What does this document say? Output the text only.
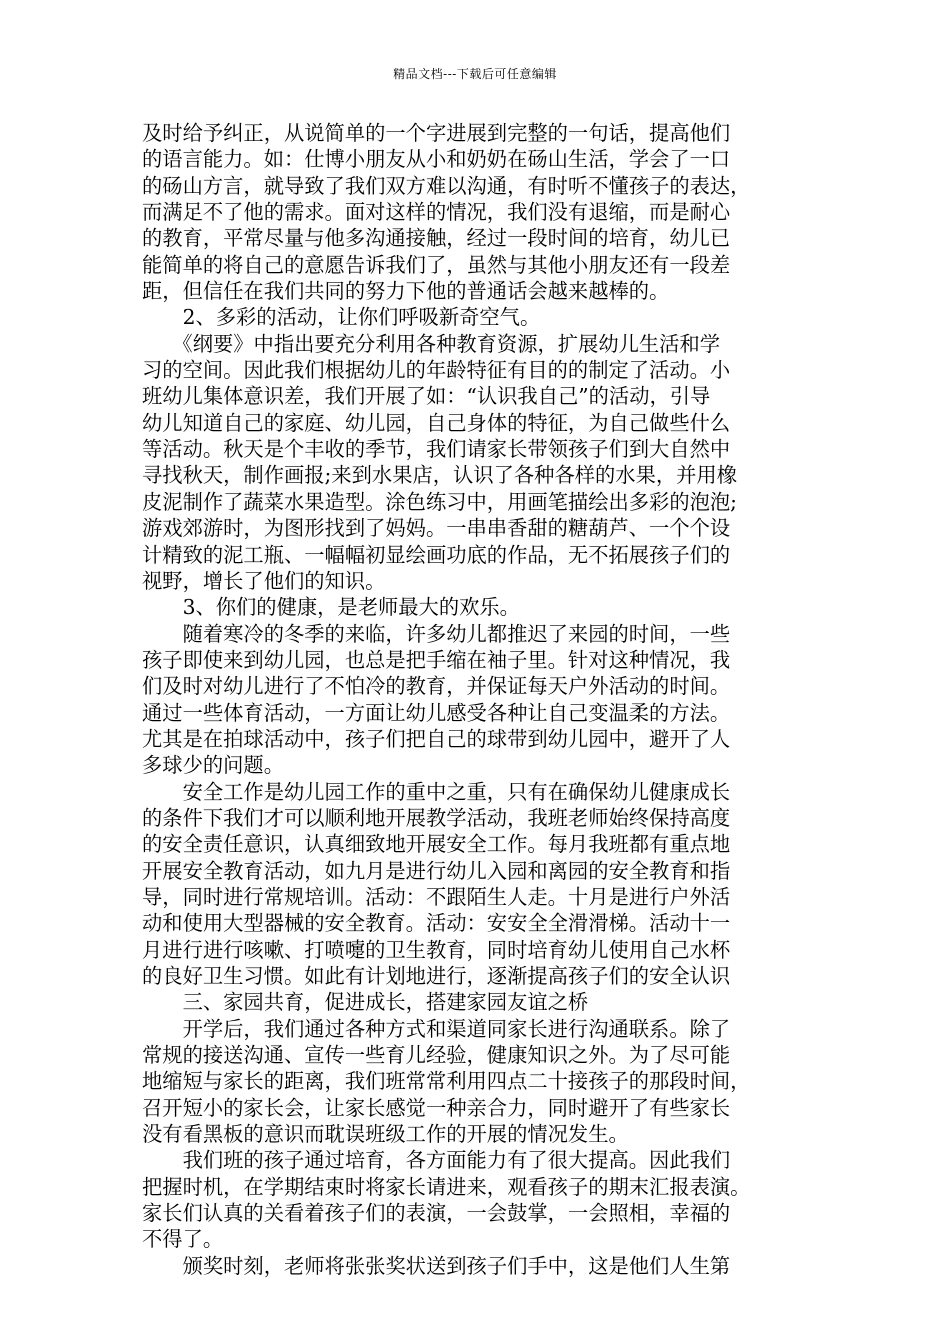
精品文档---下载后可任意编辑
及时给予纠正，从说简单的一个字进展到完整的一句话，提高他们
的语言能力。如：仕博小朋友从小和奶奶在砀山生活，学会了一口
的砀山方言，就导致了我们双方难以沟通，有时听不懂孩子的表达，
而满足不了他的需求。面对这样的情况，我们没有退缩，而是耐心
的教育，平常尽量与他多沟通接触，经过一段时间的培育，幼儿已
能简单的将自己的意愿告诉我们了，虽然与其他小朋友还有一段差
距，但信任在我们共同的努力下他的普通话会越来越棒的。
　　2、多彩的活动，让你们呼吸新奇空气。
　　《纲要》中指出要充分利用各种教育资源，扩展幼儿生活和学
习的空间。因此我们根据幼儿的年龄特征有目的的制定了活动。小
班幼儿集体意识差，我们开展了如：“认识我自己”的活动，引导
幼儿知道自己的家庭、幼儿园，自己身体的特征，为自己做些什么
等活动。秋天是个丰收的季节，我们请家长带领孩子们到大自然中
寻找秋天，制作画报;来到水果店，认识了各种各样的水果，并用橡
皮泥制作了蔬菜水果造型。涂色练习中，用画笔描绘出多彩的泡泡;
游戏郊游时，为图形找到了妈妈。一串串香甜的糖葫芦、一个个设
计精致的泥工瓶、一幅幅初显绘画功底的作品，无不拓展孩子们的
视野，增长了他们的知识。
　　3、你们的健康，是老师最大的欢乐。
　　随着寒冷的冬季的来临，许多幼儿都推迟了来园的时间，一些
孩子即使来到幼儿园，也总是把手缩在袖子里。针对这种情况，我
们及时对幼儿进行了不怕冷的教育，并保证每天户外活动的时间。
通过一些体育活动，一方面让幼儿感受各种让自己变温柔的方法。
尤其是在拍球活动中，孩子们把自己的球带到幼儿园中，避开了人
多球少的问题。
　　安全工作是幼儿园工作的重中之重，只有在确保幼儿健康成长
的条件下我们才可以顺利地开展教学活动，我班老师始终保持高度
的安全责任意识，认真细致地开展安全工作。每月我班都有重点地
开展安全教育活动，如九月是进行幼儿入园和离园的安全教育和指
导，同时进行常规培训。活动：不跟陌生人走。十月是进行户外活
动和使用大型器械的安全教育。活动：安安全全滑滑梯。活动十一
月进行进行咳嗽、打喷嚏的卫生教育，同时培育幼儿使用自己水杯
的良好卫生习惯。如此有计划地进行，逐渐提高孩子们的安全认识
　　三、家园共育，促进成长，搭建家园友谊之桥
　　开学后，我们通过各种方式和渠道同家长进行沟通联系。除了
常规的接送沟通、宣传一些育儿经验，健康知识之外。为了尽可能
地缩短与家长的距离，我们班常常利用四点二十接孩子的那段时间，
召开短小的家长会，让家长感觉一种亲合力，同时避开了有些家长
没有看黑板的意识而耽误班级工作的开展的情况发生。
　　我们班的孩子通过培育，各方面能力有了很大提高。因此我们
把握时机，在学期结束时将家长请进来，观看孩子的期末汇报表演。
家长们认真的关看着孩子们的表演，一会鼓掌，一会照相，幸福的
不得了。
　　颁奖时刻，老师将张张奖状送到孩子们手中，这是他们人生第
